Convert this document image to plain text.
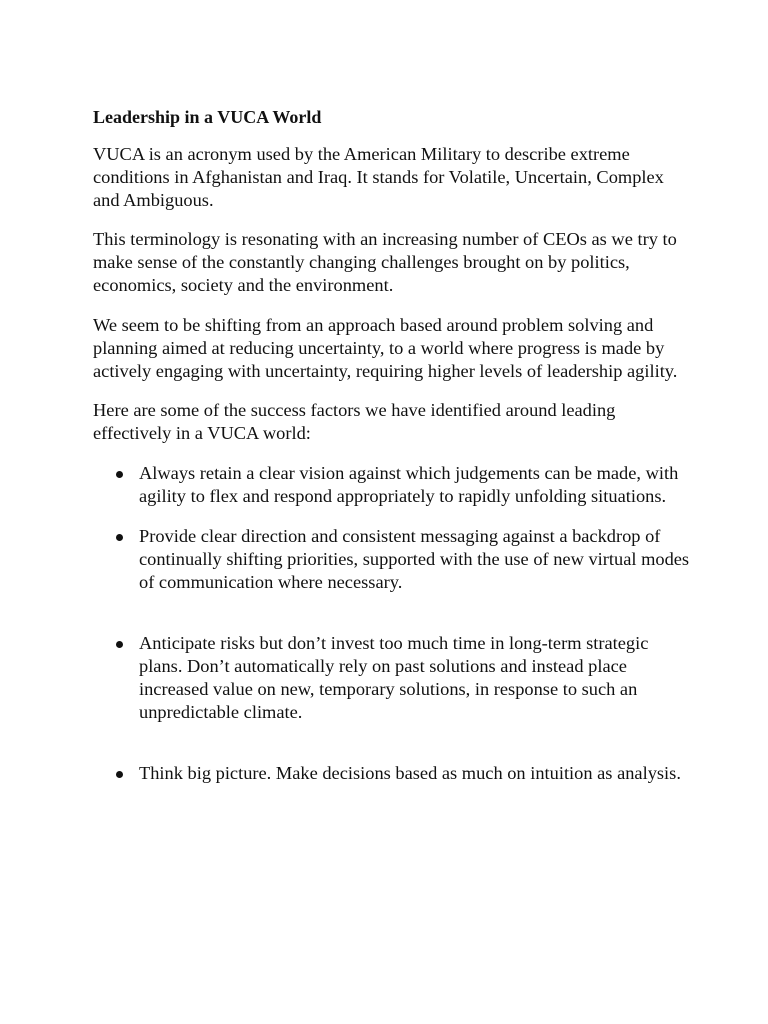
Leadership in a VUCA World

VUCA is an acronym used by the American Military to describe extreme conditions in Afghanistan and Iraq. It stands for Volatile, Uncertain, Complex and Ambiguous.

This terminology is resonating with an increasing number of CEOs as we try to make sense of the constantly changing challenges brought on by politics, economics, society and the environment.

We seem to be shifting from an approach based around problem solving and planning aimed at reducing uncertainty, to a world where progress is made by actively engaging with uncertainty, requiring higher levels of leadership agility.

Here are some of the success factors we have identified around leading effectively in a VUCA world:

Always retain a clear vision against which judgements can be made, with agility to flex and respond appropriately to rapidly unfolding situations.
Provide clear direction and consistent messaging against a backdrop of continually shifting priorities, supported with the use of new virtual modes of communication where necessary.
Anticipate risks but don’t invest too much time in long-term strategic plans. Don’t automatically rely on past solutions and instead place increased value on new, temporary solutions, in response to such an unpredictable climate.
Think big picture. Make decisions based as much on intuition as analysis.
